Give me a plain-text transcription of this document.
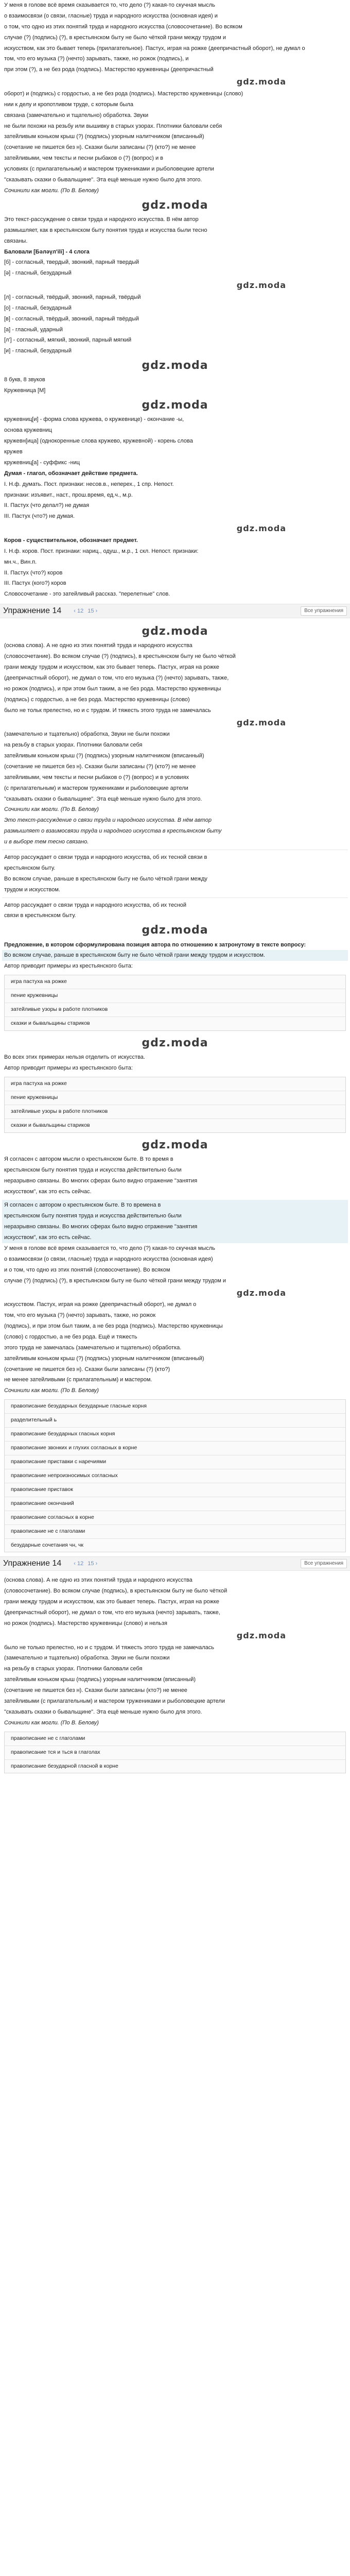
У меня в голове всё время сказывается то, что дело (?) какая-то скучная мысль

о взаимосвязи (о связи, гласные) труда и народного искусства (основная идея) и

о том, что одно из этих понятий труда и народного искусства (словосочетание). Во всяком

случае (?) (подпись) (?), в крестьянском быту не было чёткой грани между трудом и

искусством, как это бывает теперь (прилагательное). Пастух, играя на рожке (деепричастный оборот), не думал о

том, что его музыка (?) (нечто) зарывать, также, но рожок (подпись), и

при этом (?), а не без рода (подпись). Мастерство кружевницы (деепричастный

gdz.moda

оборот) и (подпись) с гордостью, а не без рода (подпись). Мастерство кружевницы (слово)

нии к делу и кропотливом труде, с которым была

связана (замечательно и тщательно) обработка. Звуки

не были похожи на резьбу или вышивку в старых узорах. Плотники баловали себя

затейливым коньком крыш (?) (подпись) узорным налитчником (вписанный)

(сочетание не пишется без н). Сказки были записаны (?) (кто?) не менее

затейливыми, чем тексты и песни рыбаков о (?) (вопрос) и в

условиях (с прилагательным) и мастером тружениками и рыболовецкие артели

"сказывать сказки о бывальщине". Эта ещё меньше нужно было для этого.

Сочинили как могли. (По В. Белову)

gdz.moda

Это текст-рассуждение о связи труда и народного искусства. В нём автор

размышляет, как в крестьянском быту понятия труда и искусства были тесно

связаны.

Баловали [Бәләүл'ilі] - 4 слога

[б] - согласный, твердый, звонкий, парный твердый

[ә] - гласный, безударный

gdz.moda

[л] - согласный, твёрдый, звонкий, парный, твёрдый

[о] - гласный, безударный

[в] - согласный, твёрдый, звонкий, парный твёрдый

[а] - гласный, ударный

[л'] - согласный, мягкий, звонкий, парный мягкий

[и] - гласный, безударный

gdz.moda

8 букв, 8 звуков

Кружевница [М]

gdz.moda

кружевниц[и] - форма слова кружева, о кружевнице) - окончание -ы,

основа кружевниц

кружевн[ица] (однокоренные слова кружево, кружевной) - корень слова

кружев

кружевниц[а] - суффикс -ниц

Думая - глагол, обозначает действие предмета.

I. Н.ф. думать. Пост. признаки: несов.в., неперех., 1 спр. Непост.

признаки: изъявит., наст., прош.время, ед.ч., м.р.

II. Пастух (что делал?) не думая

III. Пастух (что?) не думая.

gdz.moda

Коров - существительное, обозначает предмет.

I. Н.ф. коров. Пост. признаки: нариц., одуш., м.р., 1 скл. Непост. признаки:

мн.ч., Вин.п.

II. Пастух (что?) коров

III. Пастух (кого?) коров

Словосочетание - это затейливый рассказ. "перелетные" слов.

Упражнение 14 ‹ 12 15 ›	Все упражнения
gdz.moda

(основа слова). А не одно из этих понятий труда и народного искусства

(словосочетание). Во всяком случае (?) (подпись), в крестьянском быту не было чёткой

грани между трудом и искусством, как это бывает теперь. Пастух, играя на рожке

(деепричастный оборот), не думал о том, что его музыка (?) (нечто) зарывать, также,

но рожок (подпись), и при этом был таким, а не без рода. Мастерство кружевницы

(подпись) с гордостью, а не без рода. Мастерство кружевницы (слово)

было не тольк прелестно, но и с трудом. И тяжесть этого труда не замечалась

gdz.moda

(замечательно и тщательно) обработка, Звуки не были похожи

на резьбу в старых узорах. Плотники баловали себя

затейливым коньком крыш (?) (подпись) узорным налитчником (вписанный)

(сочетание не пишется без н). Сказки были записаны (?) (кто?) не менее

затейливыми, чем тексты и песни рыбаков о (?) (вопрос) и в условиях

(с прилагательным) и мастером тружениками и рыболовецкие артели

"сказывать сказки о бывальщине". Эта ещё меньше нужно было для этого.

Сочинили как могли. (По В. Белову)

Это текст-рассуждение о связи труда и народного искусства. В нём автор

размышляет о взаимосвязи труда и народного искусства в крестьянском быту

и в выборе тем тесно связано.

Автор рассуждает о связи труда и народного искусства, об их тесной связи в

крестьянском быту.

Во всяком случае, раньше в крестьянском быту не было чёткой грани между

трудом и искусством.

Автор рассуждает о связи труда и народного искусства, об их тесной

связи в крестьянском быту.

gdz.moda

Предложение, в котором сформулирована позиция автора по отношению к затронутому в тексте вопросу:

Во всяком случае, раньше в крестьянском быту не было чёткой грани между трудом и искусством.

Автор приводит примеры из крестьянского быта:

игра пастуха на рожке
пение кружевницы
затейливые узоры в работе плотников
сказки и бывальщины стариков
gdz.moda

Во всех этих примерах нельзя отделить от искусства.

Автор приводит примеры из крестьянского быта:

игра пастуха на рожке
пение кружевницы
затейливые узоры в работе плотников
сказки и бывальщины стариков
gdz.moda

Я согласен с автором мысли о крестьянском быте. В то время в

крестьянском быту понятия труда и искусства действительно были

неразрывно связаны. Во многих сферах было видно отражение "занятия

искусством", как это есть сейчас.

Я согласен с автором о крестьянском быте. В то времена в

крестьянском быту понятия труда и искусства действительно были

неразрывно связаны. Во многих сферах было видно отражение "занятия

искусством", как это есть сейчас.

У меня в голове всё время сказывается то, что дело (?) какая-то скучная мысль

о взаимосвязи (о связи, гласные) труда и народного искусства (основная идея)

и о том, что одно из этих понятий (словосочетание). Во всяком

случае (?) (подпись) (?), в крестьянском быту не было чёткой грани между трудом и

gdz.moda

искусством. Пастух, играя на рожке (деепричастный оборот), не думал о

том, что его музыка (?) (нечто) зарывать, также, но рожок

(подпись), и при этом был таким, а не без рода (подпись). Мастерство кружевницы

(слово) с гордостью, а не без рода. Ещё и тяжесть

этого труда не замечалась (замечательно и тщательно) обработка.

затейливым коньком крыш (?) (подпись) узорным налитчником (вписанный)

(сочетание не пишется без н). Сказки были записаны (?) (кто?)

не менее затейливыми (с прилагательным) и мастером.

Сочинили как могли. (По В. Белову)

правописание безударных безударные гласные корня
разделительный ь
правописание безударных гласных корня
правописание звонких и глухих согласных в корне
правописание приставки с наречиями
правописание непроизносимых согласных
правописание приставок
правописание окончаний
правописание согласных в корне
правописание не с глаголами
безударные сочетания чн, чк
Упражнение 14 ‹ 12 15 ›	Все упражнения

(основа слова). А не одно из этих понятий труда и народного искусства

(словосочетание). Во всяком случае (подпись), в крестьянском быту не было чёткой

грани между трудом и искусством, как это бывает теперь. Пастух, играя на рожке

(деепричастный оборот), не думал о том, что его музыка (нечто) зарывать, также,

но рожок (подпись). Мастерство кружевницы (слово) и нельзя

gdz.moda

было не только прелестно, но и с трудом. И тяжесть этого труда не замечалась

(замечательно и тщательно) обработка. Звуки не были похожи

на резьбу в старых узорах. Плотники баловали себя

затейливым коньком крыш (подпись) узорным налитчником (вписанный)

(сочетание не пишется без н). Сказки были записаны (кто?) не менее

затейливыми (с прилагательным) и мастером тружениками и рыболовецкие артели

"сказывать сказки о бывальщине". Эта ещё меньше нужно было для этого.

Сочинили как могли. (По В. Белову)

правописание не с глаголами
правописание тся и ться в глаголах
правописание безударной гласной в корне
